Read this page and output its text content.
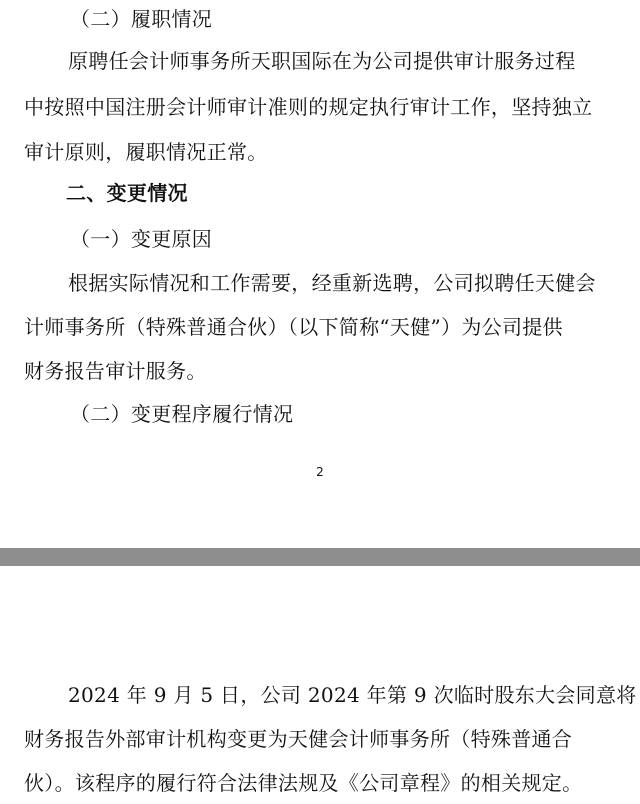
（二）履职情况
原聘任会计师事务所天职国际在为公司提供审计服务过程
中按照中国注册会计师审计准则的规定执行审计工作，坚持独立
审计原则，履职情况正常。
二、变更情况
（一）变更原因
根据实际情况和工作需要，经重新选聘，公司拟聘任天健会
计师事务所（特殊普通合伙）（以下简称“天健”）为公司提供
财务报告审计服务。
（二）变更程序履行情况
2
2024 年 9 月 5 日，公司 2024 年第 9 次临时股东大会同意将
财务报告外部审计机构变更为天健会计师事务所（特殊普通合
伙）。该程序的履行符合法律法规及《公司章程》的相关规定。
